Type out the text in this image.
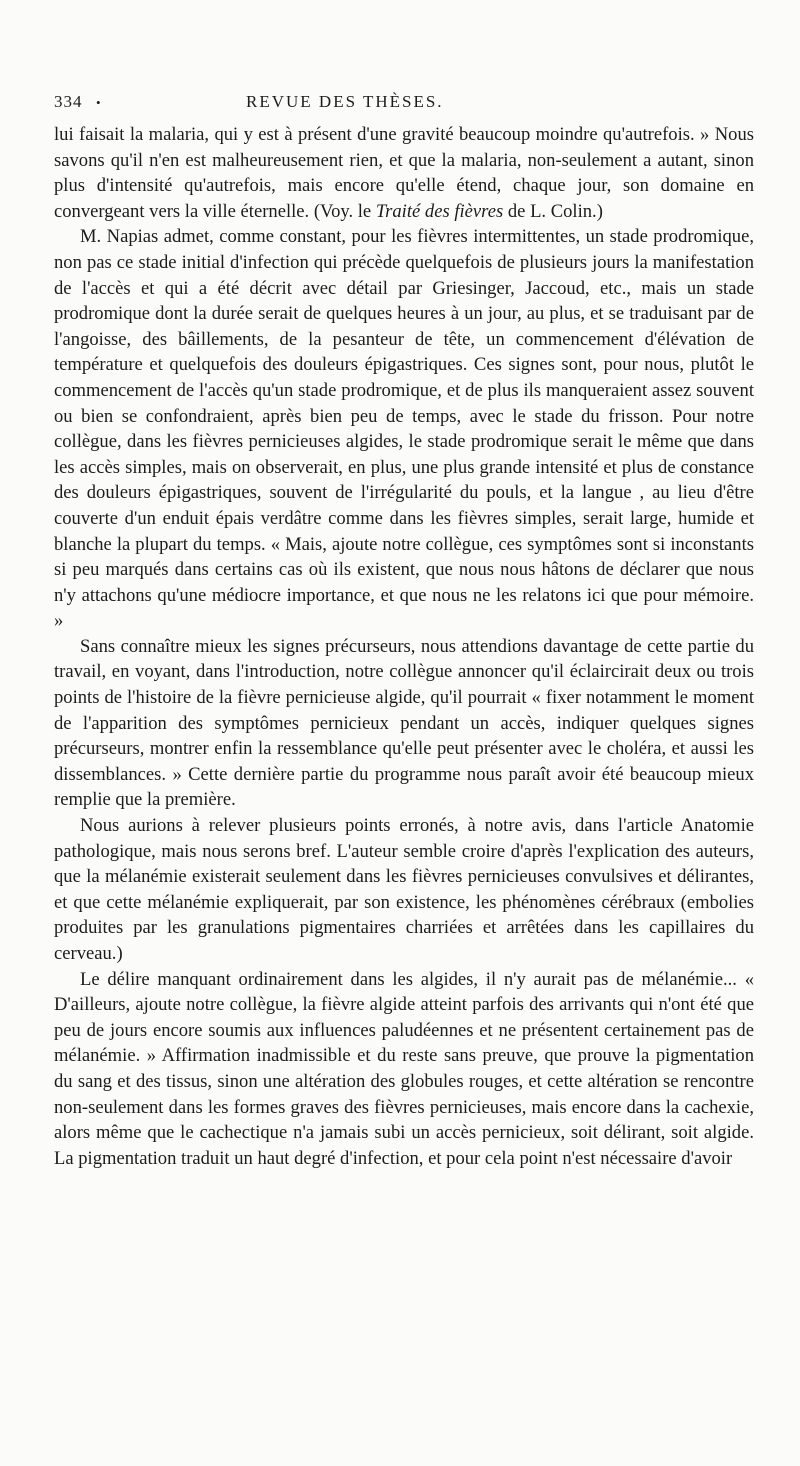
334	•	REVUE DES THÈSES.

lui faisait la malaria, qui y est à présent d'une gravité beaucoup moindre qu'autrefois. » Nous savons qu'il n'en est malheureusement rien, et que la malaria, non-seulement a autant, sinon plus d'intensité qu'autrefois, mais encore qu'elle étend, chaque jour, son domaine en convergeant vers la ville éternelle. (Voy. le Traité des fièvres de L. Colin.)

M. Napias admet, comme constant, pour les fièvres intermittentes, un stade prodromique, non pas ce stade initial d'infection qui précède quelquefois de plusieurs jours la manifestation de l'accès et qui a été décrit avec détail par Griesinger, Jaccoud, etc., mais un stade prodromique dont la durée serait de quelques heures à un jour, au plus, et se traduisant par de l'angoisse, des bâillements, de la pesanteur de tête, un commencement d'élévation de température et quelquefois des douleurs épigastriques. Ces signes sont, pour nous, plutôt le commencement de l'accès qu'un stade prodromique, et de plus ils manqueraient assez souvent ou bien se confondraient, après bien peu de temps, avec le stade du frisson. Pour notre collègue, dans les fièvres pernicieuses algides, le stade prodromique serait le même que dans les accès simples, mais on observerait, en plus, une plus grande intensité et plus de constance des douleurs épigastriques, souvent de l'irrégularité du pouls, et la langue , au lieu d'être couverte d'un enduit épais verdâtre comme dans les fièvres simples, serait large, humide et blanche la plupart du temps. « Mais, ajoute notre collègue, ces symptômes sont si inconstants si peu marqués dans certains cas où ils existent, que nous nous hâtons de déclarer que nous n'y attachons qu'une médiocre importance, et que nous ne les relatons ici que pour mémoire. »

Sans connaître mieux les signes précurseurs, nous attendions davantage de cette partie du travail, en voyant, dans l'introduction, notre collègue annoncer qu'il éclaircirait deux ou trois points de l'histoire de la fièvre pernicieuse algide, qu'il pourrait « fixer notamment le moment de l'apparition des symptômes pernicieux pendant un accès, indiquer quelques signes précurseurs, montrer enfin la ressemblance qu'elle peut présenter avec le choléra, et aussi les dissemblances. » Cette dernière partie du programme nous paraît avoir été beaucoup mieux remplie que la première.

Nous aurions à relever plusieurs points erronés, à notre avis, dans l'article Anatomie pathologique, mais nous serons bref. L'auteur semble croire d'après l'explication des auteurs, que la mélanémie existerait seulement dans les fièvres pernicieuses convulsives et délirantes, et que cette mélanémie expliquerait, par son existence, les phénomènes cérébraux (embolies produites par les granulations pigmentaires charriées et arrêtées dans les capillaires du cerveau.)

Le délire manquant ordinairement dans les algides, il n'y aurait pas de mélanémie... « D'ailleurs, ajoute notre collègue, la fièvre algide atteint parfois des arrivants qui n'ont été que peu de jours encore soumis aux influences paludéennes et ne présentent certainement pas de mélanémie. » Affirmation inadmissible et du reste sans preuve, que prouve la pigmentation du sang et des tissus, sinon une altération des globules rouges, et cette altération se rencontre non-seulement dans les formes graves des fièvres pernicieuses, mais encore dans la cachexie, alors même que le cachectique n'a jamais subi un accès pernicieux, soit délirant, soit algide. La pigmentation traduit un haut degré d'infection, et pour cela point n'est nécessaire d'avoir
